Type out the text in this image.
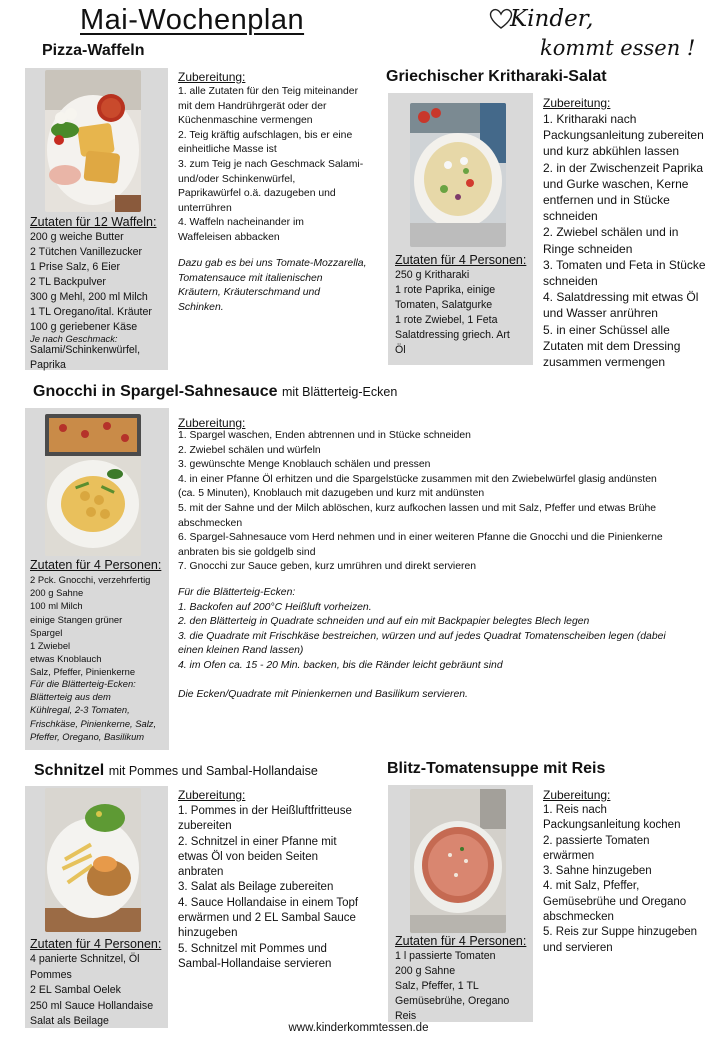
Mai-Wochenplan	Kinder,
kommt essen !
Pizza-Waffeln
Zutaten für 12 Waffeln:
200 g weiche Butter
2 Tütchen Vanillezucker
1 Prise Salz, 6 Eier
2 TL Backpulver
300 g Mehl, 200 ml Milch
1 TL Oregano/ital. Kräuter
100 g geriebener Käse
Je nach Geschmack:
Salami/Schinkenwürfel,
Paprika
Zubereitung:
1. alle Zutaten für den Teig miteinander
mit dem Handrührgerät oder der
Küchenmaschine vermengen
2. Teig kräftig aufschlagen, bis er eine
einheitliche Masse ist
3. zum Teig je nach Geschmack Salami-
und/oder Schinkenwürfel,
Paprikawürfel o.ä. dazugeben und
unterrühren
4. Waffeln nacheinander im
Waffeleisen abbacken
Dazu gab es bei uns Tomate-Mozzarella,
Tomatensauce mit italienischen
Kräutern, Kräuterschmand und
Schinken.
Griechischer Kritharaki-Salat
Zutaten für 4 Personen:
250 g Kritharaki
1 rote Paprika, einige
Tomaten, Salatgurke
1 rote Zwiebel, 1 Feta
Salatdressing griech. Art
Öl
Zubereitung:
1. Kritharaki nach
Packungsanleitung zubereiten
und kurz abkühlen lassen
2. in der Zwischenzeit Paprika
und Gurke waschen, Kerne
entfernen und in Stücke
schneiden
2. Zwiebel schälen und in
Ringe schneiden
3. Tomaten und Feta in Stücke
schneiden
4. Salatdressing mit etwas Öl
und Wasser anrühren
5. in einer Schüssel alle
Zutaten mit dem Dressing
zusammen vermengen
Gnocchi in Spargel-Sahnesauce mit Blätterteig-Ecken
Zutaten für 4 Personen:
2 Pck. Gnocchi, verzehrfertig
200 g Sahne
100 ml Milch
einige Stangen grüner
Spargel
1 Zwiebel
etwas Knoblauch
Salz, Pfeffer, Pinienkerne
Für die Blätterteig-Ecken:
Blätterteig aus dem
Kühlregal, 2-3 Tomaten,
Frischkäse, Pinienkerne, Salz,
Pfeffer, Oregano, Basilikum
Zubereitung:
1. Spargel waschen, Enden abtrennen und in Stücke schneiden
2. Zwiebel schälen und würfeln
3. gewünschte Menge Knoblauch schälen und pressen
4. in einer Pfanne Öl erhitzen und die Spargelstücke zusammen mit den Zwiebelwürfel glasig andünsten
(ca. 5 Minuten), Knoblauch mit dazugeben und kurz mit andünsten
5. mit der Sahne und der Milch ablöschen, kurz aufkochen lassen und mit Salz, Pfeffer und etwas Brühe
abschmecken
6. Spargel-Sahnesauce vom Herd nehmen und in einer weiteren Pfanne die Gnocchi und die Pinienkerne
anbraten bis sie goldgelb sind
7. Gnocchi zur Sauce geben, kurz umrühren und direkt servieren
Für die Blätterteig-Ecken:
1. Backofen auf 200°C Heißluft vorheizen.
2. den Blätterteig in Quadrate schneiden und auf ein mit Backpapier belegtes Blech legen
3. die Quadrate mit Frischkäse bestreichen, würzen und auf jedes Quadrat Tomatenscheiben legen (dabei
einen kleinen Rand lassen)
4. im Ofen ca. 15 - 20 Min. backen, bis die Ränder leicht gebräunt sind
Die Ecken/Quadrate mit Pinienkernen und Basilikum servieren.
Schnitzel mit Pommes und Sambal-Hollandaise
Zutaten für 4 Personen:
4 panierte Schnitzel, Öl
Pommes
2 EL Sambal Oelek
250 ml Sauce Hollandaise
Salat als Beilage
Zubereitung:
1. Pommes in der Heißluftfritteuse
zubereiten
2. Schnitzel in einer Pfanne mit
etwas Öl von beiden Seiten
anbraten
3. Salat als Beilage zubereiten
4. Sauce Hollandaise in einem Topf
erwärmen und 2 EL Sambal Sauce
hinzugeben
5. Schnitzel mit Pommes und
Sambal-Hollandaise servieren
Blitz-Tomatensuppe mit Reis
Zutaten für 4 Personen:
1 l passierte Tomaten
200 g Sahne
Salz, Pfeffer, 1 TL
Gemüsebrühe, Oregano
Reis
Zubereitung:
1. Reis nach
Packungsanleitung kochen
2. passierte Tomaten
erwärmen
3. Sahne hinzugeben
4. mit Salz, Pfeffer,
Gemüsebrühe und Oregano
abschmecken
5. Reis zur Suppe hinzugeben
und servieren
www.kinderkommtessen.de
